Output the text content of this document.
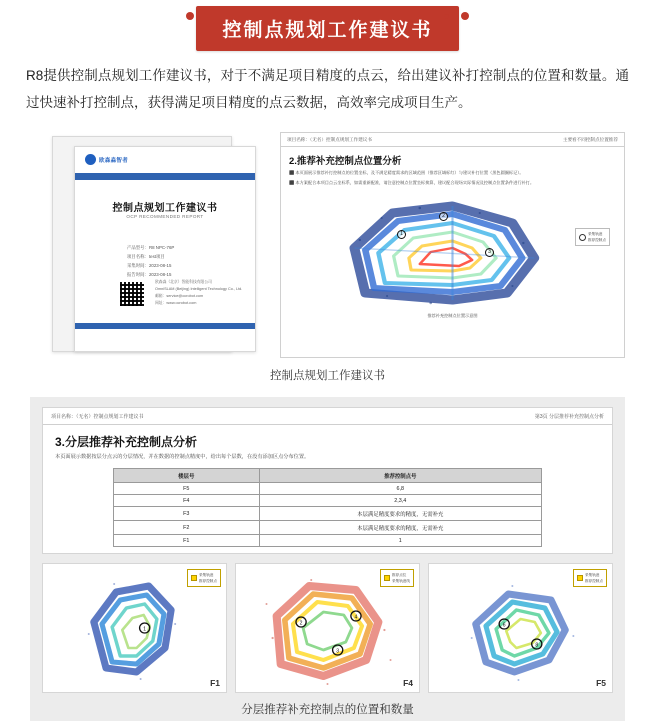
控制点规划工作建议书

R8提供控制点规划工作建议书，对于不满足项目精度的点云，给出建议补打控制点的位置和数量。通过快速补打控制点，获得满足项目精度的点云数据，高效率完成项目生产。

欧森淼智者
控制点规划工作建议书
OCP RECOMMENDED REPORT
产品型号：R8 NPC-76P
项目名称：test项目
采集时间：2023-08-15
报告时间：2023-08-15
欧森淼（北京）智能科技有限公司
OmniSLAM (Beijing) Intelligent Technology Co., Ltd.
邮箱：service@ocrobot.com
网址：www.ocrobot.com
项目名称：（无名）控制点规划工作建议书	主要看不同控制点位置推荐
2.推荐补充控制点位置分析

⬛ 本页面展示推荐补打控制点的位置坐标，及不满足精度需求的区域范围（推荐区域标红）与建议补打位置（黑色圆圈标记）。

⬛ 本方案配合本项目点云坐标系，如需重新配准，请注意控制点位置坐标换算，建议配合现场实际情况及控制点位置条件进行补打。

1
2
3
采集轨迹
推荐控制点
推荐补充控制点位置示意图
控制点规划工作建议书
项目名称：（无名）控制点规划工作建议书	第3页 分层推荐补充控制点分析
3.分层推荐补充控制点分析

本页面展示数据按层分点云的分层情况，并在数据的控制点精度中，给出每个层数，在没有添加区点分布位置。

楼层号	推荐控制点号
F5	6,8
F4	2,3,4
F3	本层满足精度要求的精度，无需补充
F2	本层满足精度要求的精度，无需补充
F1	1
1
采集轨迹
推荐控制点
F1
2
3
4
推荐点位
采集轨迹线
F4
6
8
采集轨迹
推荐控制点
F5
分层推荐补充控制点的位置和数量
